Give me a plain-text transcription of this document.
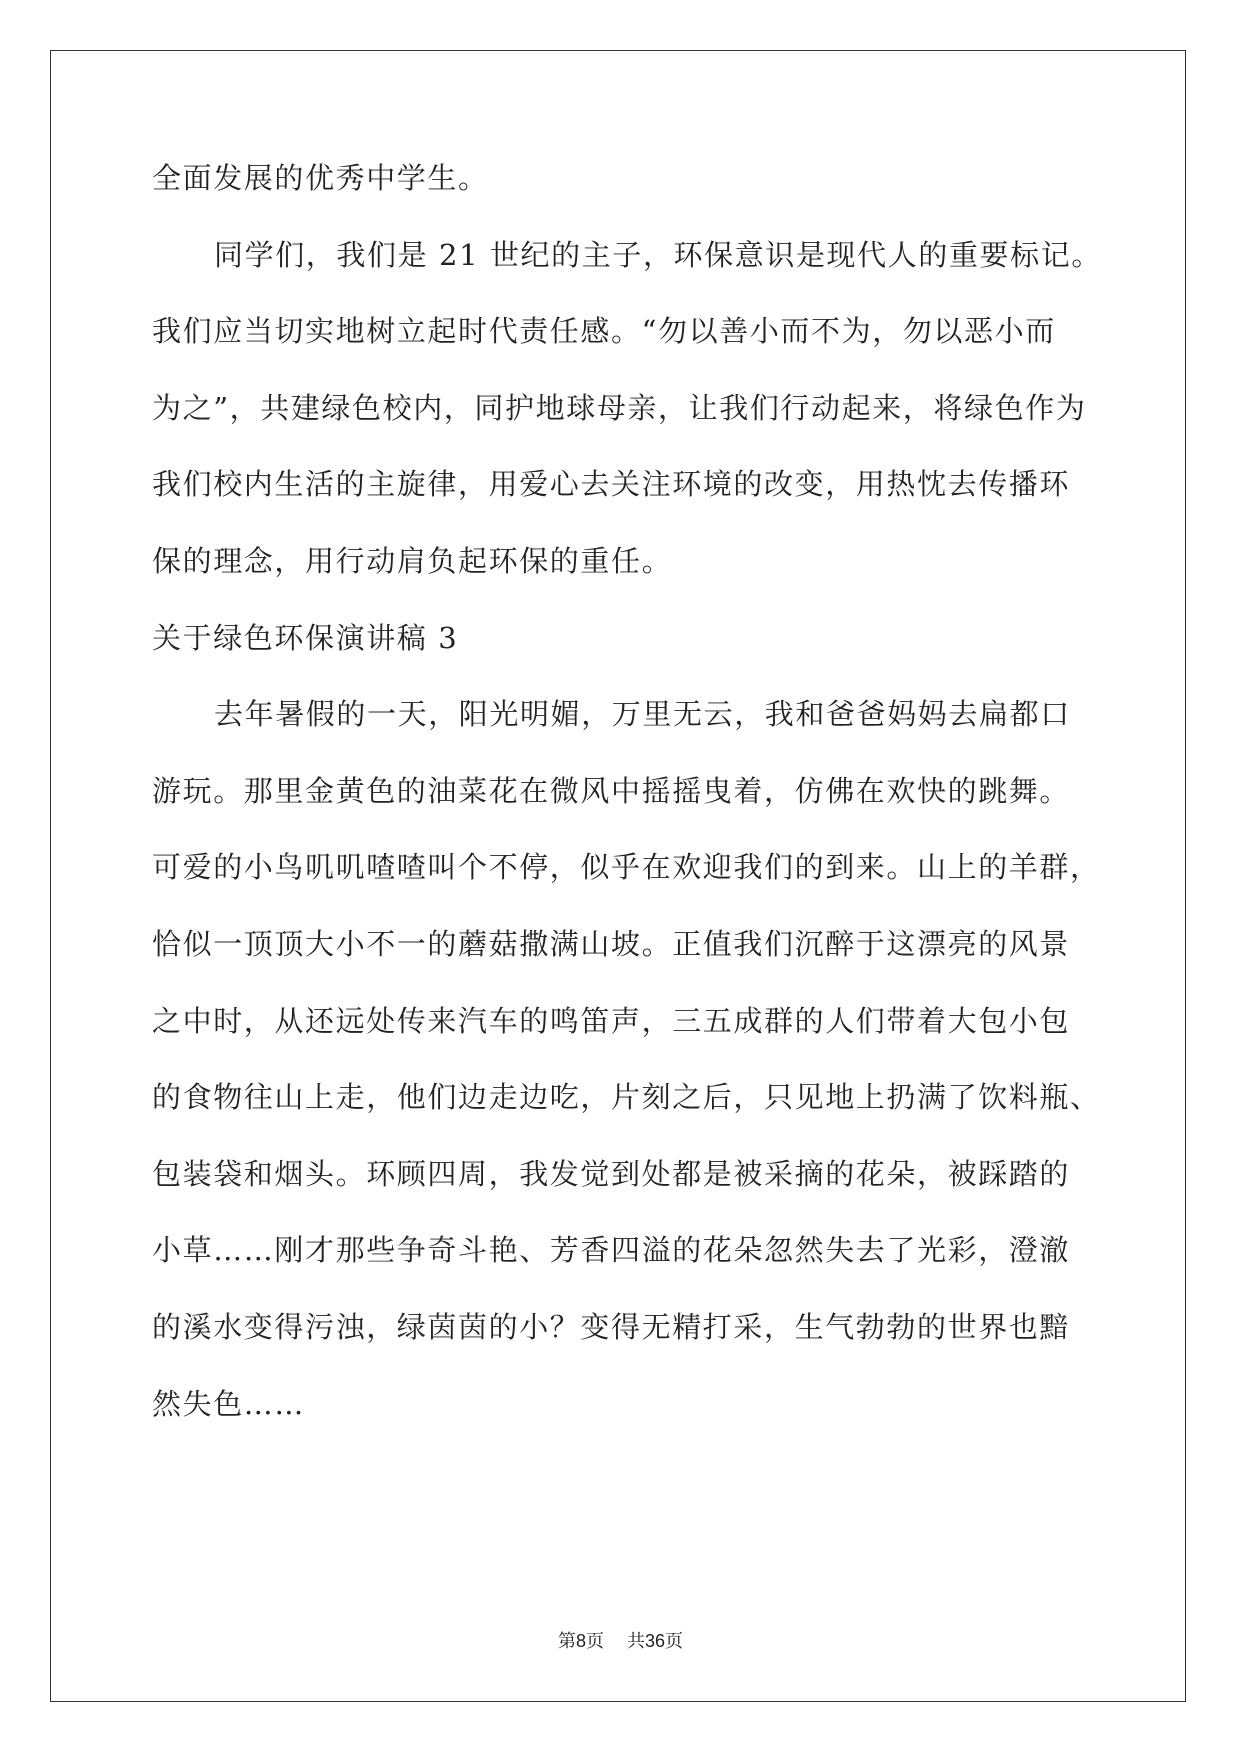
全面发展的优秀中学生。
同学们，我们是 21 世纪的主子，环保意识是现代人的重要标记。
我们应当切实地树立起时代责任感。“勿以善小而不为，勿以恶小而
为之”，共建绿色校内，同护地球母亲，让我们行动起来，将绿色作为
我们校内生活的主旋律，用爱心去关注环境的改变，用热忱去传播环
保的理念，用行动肩负起环保的重任。
关于绿色环保演讲稿 3
去年暑假的一天，阳光明媚，万里无云，我和爸爸妈妈去扁都口
游玩。那里金黄色的油菜花在微风中摇摇曳着，仿佛在欢快的跳舞。
可爱的小鸟叽叽喳喳叫个不停，似乎在欢迎我们的到来。山上的羊群，
恰似一顶顶大小不一的蘑菇撒满山坡。正值我们沉醉于这漂亮的风景
之中时，从还远处传来汽车的鸣笛声，三五成群的人们带着大包小包
的食物往山上走，他们边走边吃，片刻之后，只见地上扔满了饮料瓶、
包装袋和烟头。环顾四周，我发觉到处都是被采摘的花朵，被踩踏的
小草……刚才那些争奇斗艳、芳香四溢的花朵忽然失去了光彩，澄澈
的溪水变得污浊，绿茵茵的小？变得无精打采，生气勃勃的世界也黯
然失色……
第8页 共36页
